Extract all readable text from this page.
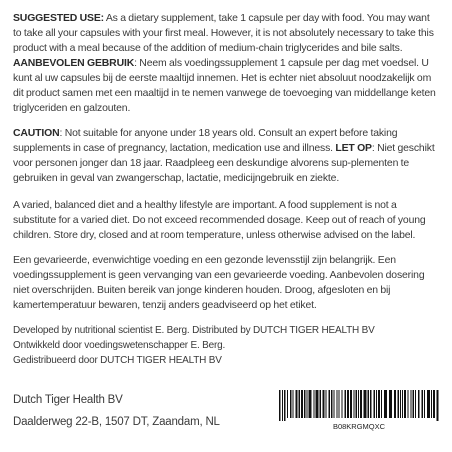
SUGGESTED USE: As a dietary supplement, take 1 capsule per day with food. You may want to take all your capsules with your first meal. However, it is not absolutely necessary to take this product with a meal because of the addition of medium-chain triglycerides and bile salts. AANBEVOLEN GEBRUIK: Neem als voedingssupplement 1 capsule per dag met voedsel. U kunt al uw capsules bij de eerste maaltijd innemen. Het is echter niet absoluut noodzakelijk om dit product samen met een maaltijd in te nemen vanwege de toevoeging van middellange keten triglyceriden en galzouten.

CAUTION: Not suitable for anyone under 18 years old. Consult an expert before taking supplements in case of pregnancy, lactation, medication use and illness. LET OP: Niet geschikt voor personen jonger dan 18 jaar. Raadpleeg een deskundige alvorens sup-plementen te gebruiken in geval van zwangerschap, lactatie, medicijngebruik en ziekte.

A varied, balanced diet and a healthy lifestyle are important. A food supplement is not a substitute for a varied diet. Do not exceed recommended dosage. Keep out of reach of young children. Store dry, closed and at room temperature, unless otherwise advised on the label.

Een gevarieerde, evenwichtige voeding en een gezonde levensstijl zijn belangrijk. Een voedingssupplement is geen vervanging van een gevarieerde voeding. Aanbevolen dosering niet overschrijden. Buiten bereik van jonge kinderen houden. Droog, afgesloten en bij kamertemperatuur bewaren, tenzij anders geadviseerd op het etiket.

Developed by nutritional scientist E. Berg. Distributed by DUTCH TIGER HEALTH BV
Ontwikkeld door voedingswetenschapper E. Berg.
Gedistribueerd door DUTCH TIGER HEALTH BV
Dutch Tiger Health BV
Daalderweg 22-B, 1507 DT, Zaandam, NL	B08KRGMQXC
